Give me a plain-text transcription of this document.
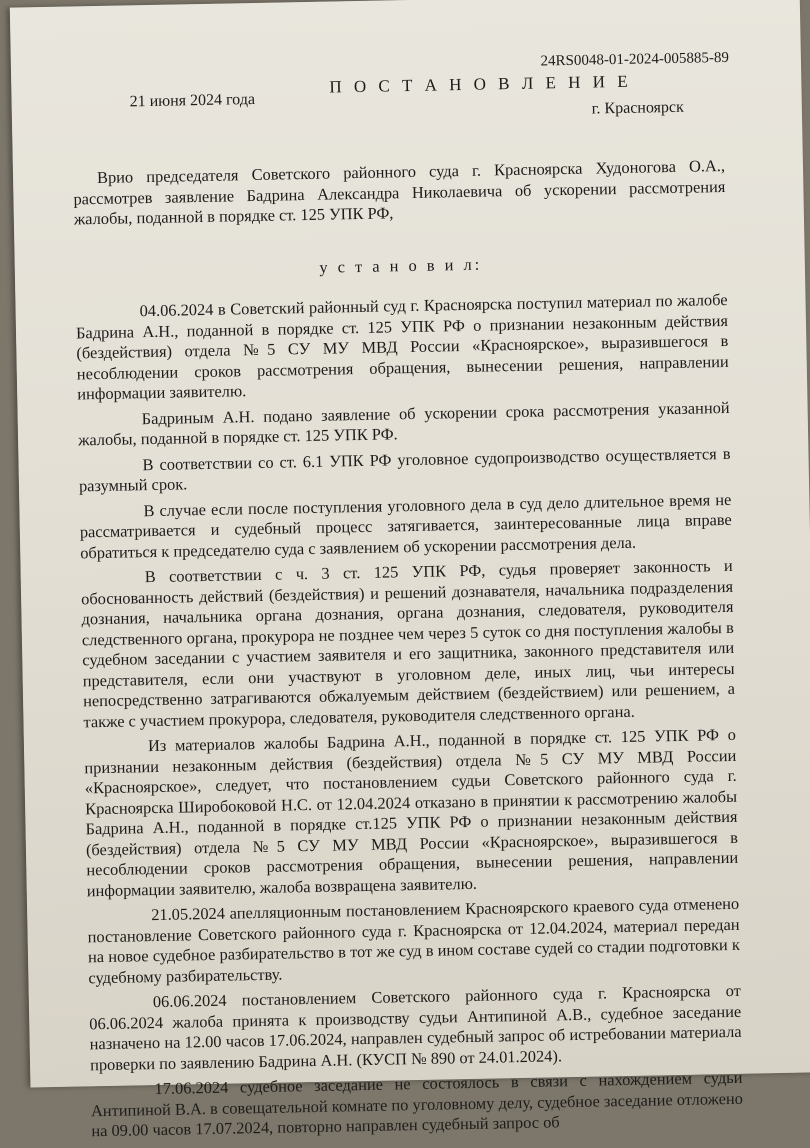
24RS0048-01-2024-005885-89
П О С Т А Н О В Л Е Н И Е
21 июня 2024 года	г. Красноярск

Врио председателя Советского районного суда г. Красноярска Худоногова О.А., рассмотрев заявление Бадрина Александра Николаевича об ускорении рассмотрения жалобы, поданной в порядке ст. 125 УПК РФ,

у с т а н о в и л:

04.06.2024 в Советский районный суд г. Красноярска поступил материал по жалобе Бадрина А.Н., поданной в порядке ст. 125 УПК РФ о признании незаконным действия (бездействия) отдела №5 СУ МУ МВД России «Красноярское», выразившегося в несоблюдении сроков рассмотрения обращения, вынесении решения, направлении информации заявителю.

Бадриным А.Н. подано заявление об ускорении срока рассмотрения указанной жалобы, поданной в порядке ст. 125 УПК РФ.

В соответствии со ст. 6.1 УПК РФ уголовное судопроизводство осуществляется в разумный срок.

В случае если после поступления уголовного дела в суд дело длительное время не рассматривается и судебный процесс затягивается, заинтересованные лица вправе обратиться к председателю суда с заявлением об ускорении рассмотрения дела.

В соответствии с ч. 3 ст. 125 УПК РФ, судья проверяет законность и обоснованность действий (бездействия) и решений дознавателя, начальника подразделения дознания, начальника органа дознания, органа дознания, следователя, руководителя следственного органа, прокурора не позднее чем через 5 суток со дня поступления жалобы в судебном заседании с участием заявителя и его защитника, законного представителя или представителя, если они участвуют в уголовном деле, иных лиц, чьи интересы непосредственно затрагиваются обжалуемым действием (бездействием) или решением, а также с участием прокурора, следователя, руководителя следственного органа.

Из материалов жалобы Бадрина А.Н., поданной в порядке ст. 125 УПК РФ о признании незаконным действия (бездействия) отдела №5 СУ МУ МВД России «Красноярское», следует, что постановлением судьи Советского районного суда г. Красноярска Широбоковой Н.С. от 12.04.2024 отказано в принятии к рассмотрению жалобы Бадрина А.Н., поданной в порядке ст.125 УПК РФ о признании незаконным действия (бездействия) отдела №5 СУ МУ МВД России «Красноярское», выразившегося в несоблюдении сроков рассмотрения обращения, вынесении решения, направлении информации заявителю, жалоба возвращена заявителю.

21.05.2024 апелляционным постановлением Красноярского краевого суда отменено постановление Советского районного суда г. Красноярска от 12.04.2024, материал передан на новое судебное разбирательство в тот же суд в ином составе судей со стадии подготовки к судебному разбирательству.

06.06.2024 постановлением Советского районного суда г. Красноярска от 06.06.2024 жалоба принята к производству судьи Антипиной А.В., судебное заседание назначено на 12.00 часов 17.06.2024, направлен судебный запрос об истребовании материала проверки по заявлению Бадрина А.Н. (КУСП № 890 от 24.01.2024).

17.06.2024 судебное заседание не состоялось в связи с нахождением судьи Антипиной В.А. в совещательной комнате по уголовному делу, судебное заседание отложено на 09.00 часов 17.07.2024, повторно направлен судебный запрос об
